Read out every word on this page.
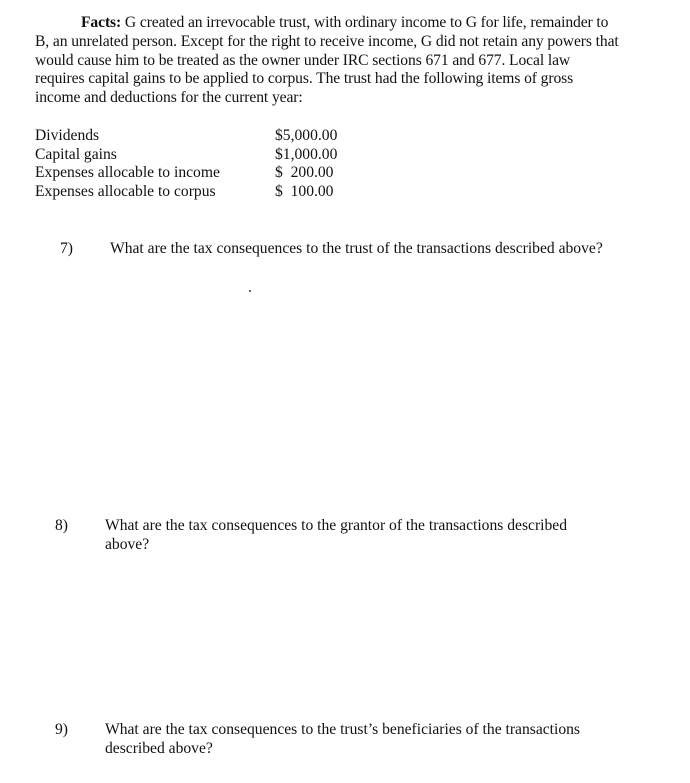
Facts: G created an irrevocable trust, with ordinary income to G for life, remainder to B, an unrelated person. Except for the right to receive income, G did not retain any powers that would cause him to be treated as the owner under IRC sections 671 and 677. Local law requires capital gains to be applied to corpus. The trust had the following items of gross income and deductions for the current year:
Dividends	$5,000.00
Capital gains	$1,000.00
Expenses allocable to income	$  200.00
Expenses allocable to corpus	$  100.00
7)	What are the tax consequences to the trust of the transactions described above?
8)	What are the tax consequences to the grantor of the transactions described above?
9)	What are the tax consequences to the trust’s beneficiaries of the transactions described above?
